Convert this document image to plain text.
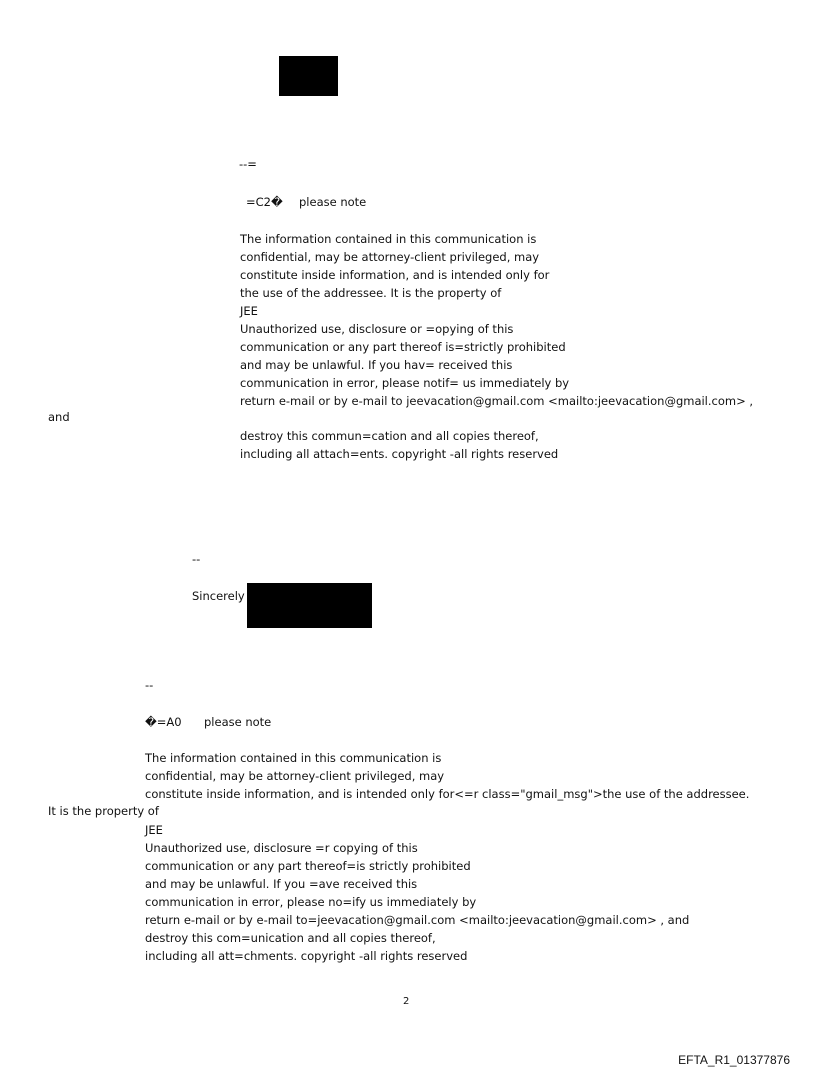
--=
=C2� please note
The information contained in this communication is
confidential, may be attorney-client privileged, may
constitute inside information, and is intended only for
the use of the addressee. It is the property of
JEE
Unauthorized use, disclosure or =opying of this
communication or any part thereof is=strictly prohibited
and may be unlawful. If you hav= received this
communication in error, please notif= us immediately by
return e-mail or by e-mail to jeevacation@gmail.com <mailto:jeevacation@gmail.com> ,
and
destroy this commun=cation and all copies thereof,
including all attach=ents. copyright -all rights reserved
--
Sincerely
--
�=A0 please note
The information contained in this communication is
confidential, may be attorney-client privileged, may
constitute inside information, and is intended only for<=r class="gmail_msg">the use of the addressee.
It is the property of
JEE
Unauthorized use, disclosure =r copying of this
communication or any part thereof=is strictly prohibited
and may be unlawful. If you =ave received this
communication in error, please no=ify us immediately by
return e-mail or by e-mail to=jeevacation@gmail.com <mailto:jeevacation@gmail.com> , and
destroy this com=unication and all copies thereof,
including all att=chments. copyright -all rights reserved
2
EFTA_R1_01377876
